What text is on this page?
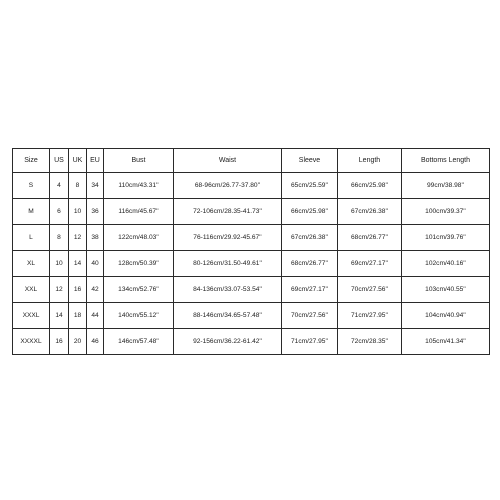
Size	US	UK	EU	Bust	Waist	Sleeve	Length	Bottoms Length
S	4	8	34	110cm/43.31''	68-96cm/26.77-37.80''	65cm/25.59''	66cm/25.98''	99cm/38.98''
M	6	10	36	116cm/45.67''	72-106cm/28.35-41.73''	66cm/25.98''	67cm/26.38''	100cm/39.37''
L	8	12	38	122cm/48.03''	76-116cm/29.92-45.67''	67cm/26.38''	68cm/26.77''	101cm/39.76''
XL	10	14	40	128cm/50.39''	80-126cm/31.50-49.61''	68cm/26.77''	69cm/27.17''	102cm/40.16''
XXL	12	16	42	134cm/52.76''	84-136cm/33.07-53.54''	69cm/27.17''	70cm/27.56''	103cm/40.55''
XXXL	14	18	44	140cm/55.12''	88-146cm/34.65-57.48''	70cm/27.56''	71cm/27.95''	104cm/40.94''
XXXXL	16	20	46	146cm/57.48''	92-156cm/36.22-61.42''	71cm/27.95''	72cm/28.35''	105cm/41.34''
